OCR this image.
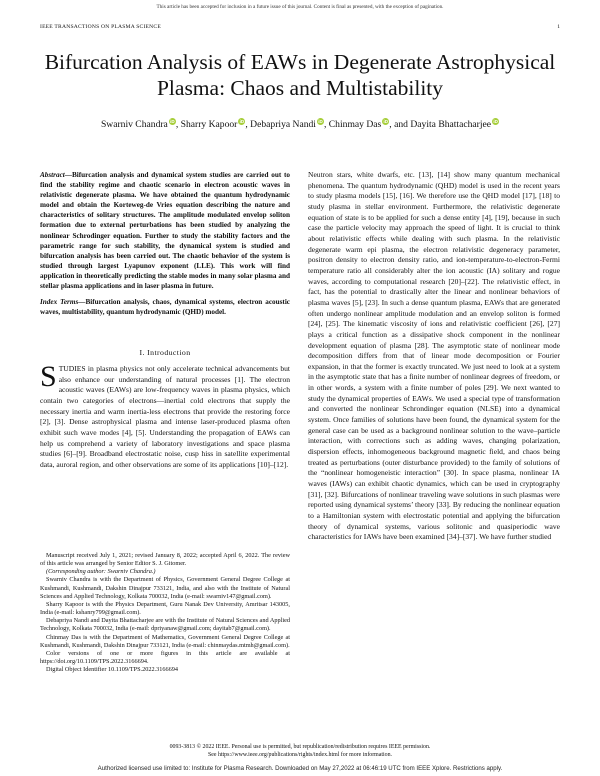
This article has been accepted for inclusion in a future issue of this journal. Content is final as presented, with the exception of pagination.
IEEE TRANSACTIONS ON PLASMA SCIENCE	1
Bifurcation Analysis of EAWs in Degenerate Astrophysical Plasma: Chaos and Multistability
Swarniv Chandra iD, Sharry Kapoor iD, Debapriya Nandi iD, Chinmay Das iD, and Dayita Bhattacharjee iD
Abstract—Bifurcation analysis and dynamical system studies are carried out to find the stability regime and chaotic scenario in electron acoustic waves in relativistic degenerate plasma. We have obtained the quantum hydrodynamic model and obtain the Korteweg-de Vries equation describing the nature and characteristics of solitary structures. The amplitude modulated envelop soliton formation due to external perturbations has been studied by analyzing the nonlinear Schrodinger equation. Further to study the stability factors and the parametric range for such stability, the dynamical system is studied and bifurcation analysis has been carried out. The chaotic behavior of the system is studied through largest Lyapunov exponent (LLE). This work will find application in theoretically predicting the stable modes in many solar plasma and stellar plasma applications and in laser plasma in future.
Index Terms—Bifurcation analysis, chaos, dynamical systems, electron acoustic waves, multistability, quantum hydrodynamic (QHD) model.
I. Introduction
STUDIES in plasma physics not only accelerate technical advancements but also enhance our understanding of natural processes [1]. The electron acoustic waves (EAWs) are low-frequency waves in plasma physics, which contain two categories of electrons—inertial cold electrons that supply the necessary inertia and warm inertia-less electrons that provide the restoring force [2], [3]. Dense astrophysical plasma and intense laser-produced plasma often exhibit such wave modes [4], [5]. Understanding the propagation of EAWs can help us comprehend a variety of laboratory investigations and space plasma studies [6]–[9]. Broadband electrostatic noise, cusp hiss in satellite experimental data, auroral region, and other observations are some of its applications [10]–[12].

Manuscript received July 1, 2021; revised January 8, 2022; accepted April 6, 2022. The review of this article was arranged by Senior Editor S. J. Gitomer.

(Corresponding author: Swarniv Chandra.)

Swarniv Chandra is with the Department of Physics, Government General Degree College at Kushmandi, Kushmandi, Dakshin Dinajpur 733121, India, and also with the Institute of Natural Sciences and Applied Technology, Kolkata 700032, India (e-mail: swarniv147@gmail.com).

Sharry Kapoor is with the Physics Department, Guru Nanak Dev University, Amritsar 143005, India (e-mail: kshanry799@gmail.com).

Debapriya Nandi and Dayita Bhattacharjee are with the Institute of Natural Sciences and Applied Technology, Kolkata 700032, India (e-mail: dpriyanaw@gmail.com; dayitab7@gmail.com).

Chinmay Das is with the Department of Mathematics, Government General Degree College at Kushmandi, Kushmandi, Dakshin Dinajpur 733121, India (e-mail: chinmaydas.mtmh@gmail.com).

Color versions of one or more figures in this article are available at https://doi.org/10.1109/TPS.2022.3166694.

Digital Object Identifier 10.1109/TPS.2022.3166694

Neutron stars, white dwarfs, etc. [13], [14] show many quantum mechanical phenomena. The quantum hydrodynamic (QHD) model is used in the recent years to study plasma models [15], [16]. We therefore use the QHD model [17], [18] to study plasma in stellar environment. Furthermore, the relativistic degenerate equation of state is to be applied for such a dense entity [4], [19], because in such case the particle velocity may approach the speed of light. It is crucial to think about relativistic effects while dealing with such plasma. In the relativistic degenerate warm epi plasma, the electron relativistic degeneracy parameter, positron density to electron density ratio, and ion-temperature-to-electron-Fermi temperature ratio all considerably alter the ion acoustic (IA) solitary and rogue waves, according to computational research [20]–[22]. The relativistic effect, in fact, has the potential to drastically alter the linear and nonlinear behaviors of plasma waves [5], [23]. In such a dense quantum plasma, EAWs that are generated often undergo nonlinear amplitude modulation and an envelop soliton is formed [24], [25]. The kinematic viscosity of ions and relativistic coefficient [26], [27] plays a critical function as a dissipative shock component in the nonlinear development equation of plasma [28]. The asymptotic state of nonlinear mode decomposition differs from that of linear mode decomposition or Fourier expansion, in that the former is exactly truncated. We just need to look at a system in the asymptotic state that has a finite number of nonlinear degrees of freedom, or in other words, a system with a finite number of poles [29]. We next wanted to study the dynamical properties of EAWs. We used a special type of transformation and converted the nonlinear Schrondinger equation (NLSE) into a dynamical system. Once families of solutions have been found, the dynamical system for the general case can be used as a background nonlinear solution to the wave–particle interaction, with corrections such as adding waves, changing polarization, dispersion effects, inhomogeneous background magnetic field, and chaos being treated as perturbations (outer disturbance provided) to the family of solutions of the “nonlinear homogeneistic interaction” [30]. In space plasma, nonlinear IA waves (IAWs) can exhibit chaotic dynamics, which can be used in cryptography [31], [32]. Bifurcations of nonlinear traveling wave solutions in such plasmas were reported using dynamical systems’ theory [33]. By reducing the nonlinear equation to a Hamiltonian system with electrostatic potential and applying the bifurcation theory of dynamical systems, various solitonic and quasiperiodic wave characteristics for IAWs have been examined [34]–[37]. We have further studied
0093-3813 © 2022 IEEE. Personal use is permitted, but republication/redistribution requires IEEE permission.
See https://www.ieee.org/publications/rights/index.html for more information.
Authorized licensed use limited to: Institute for Plasma Research. Downloaded on May 27,2022 at 06:46:19 UTC from IEEE Xplore. Restrictions apply.
